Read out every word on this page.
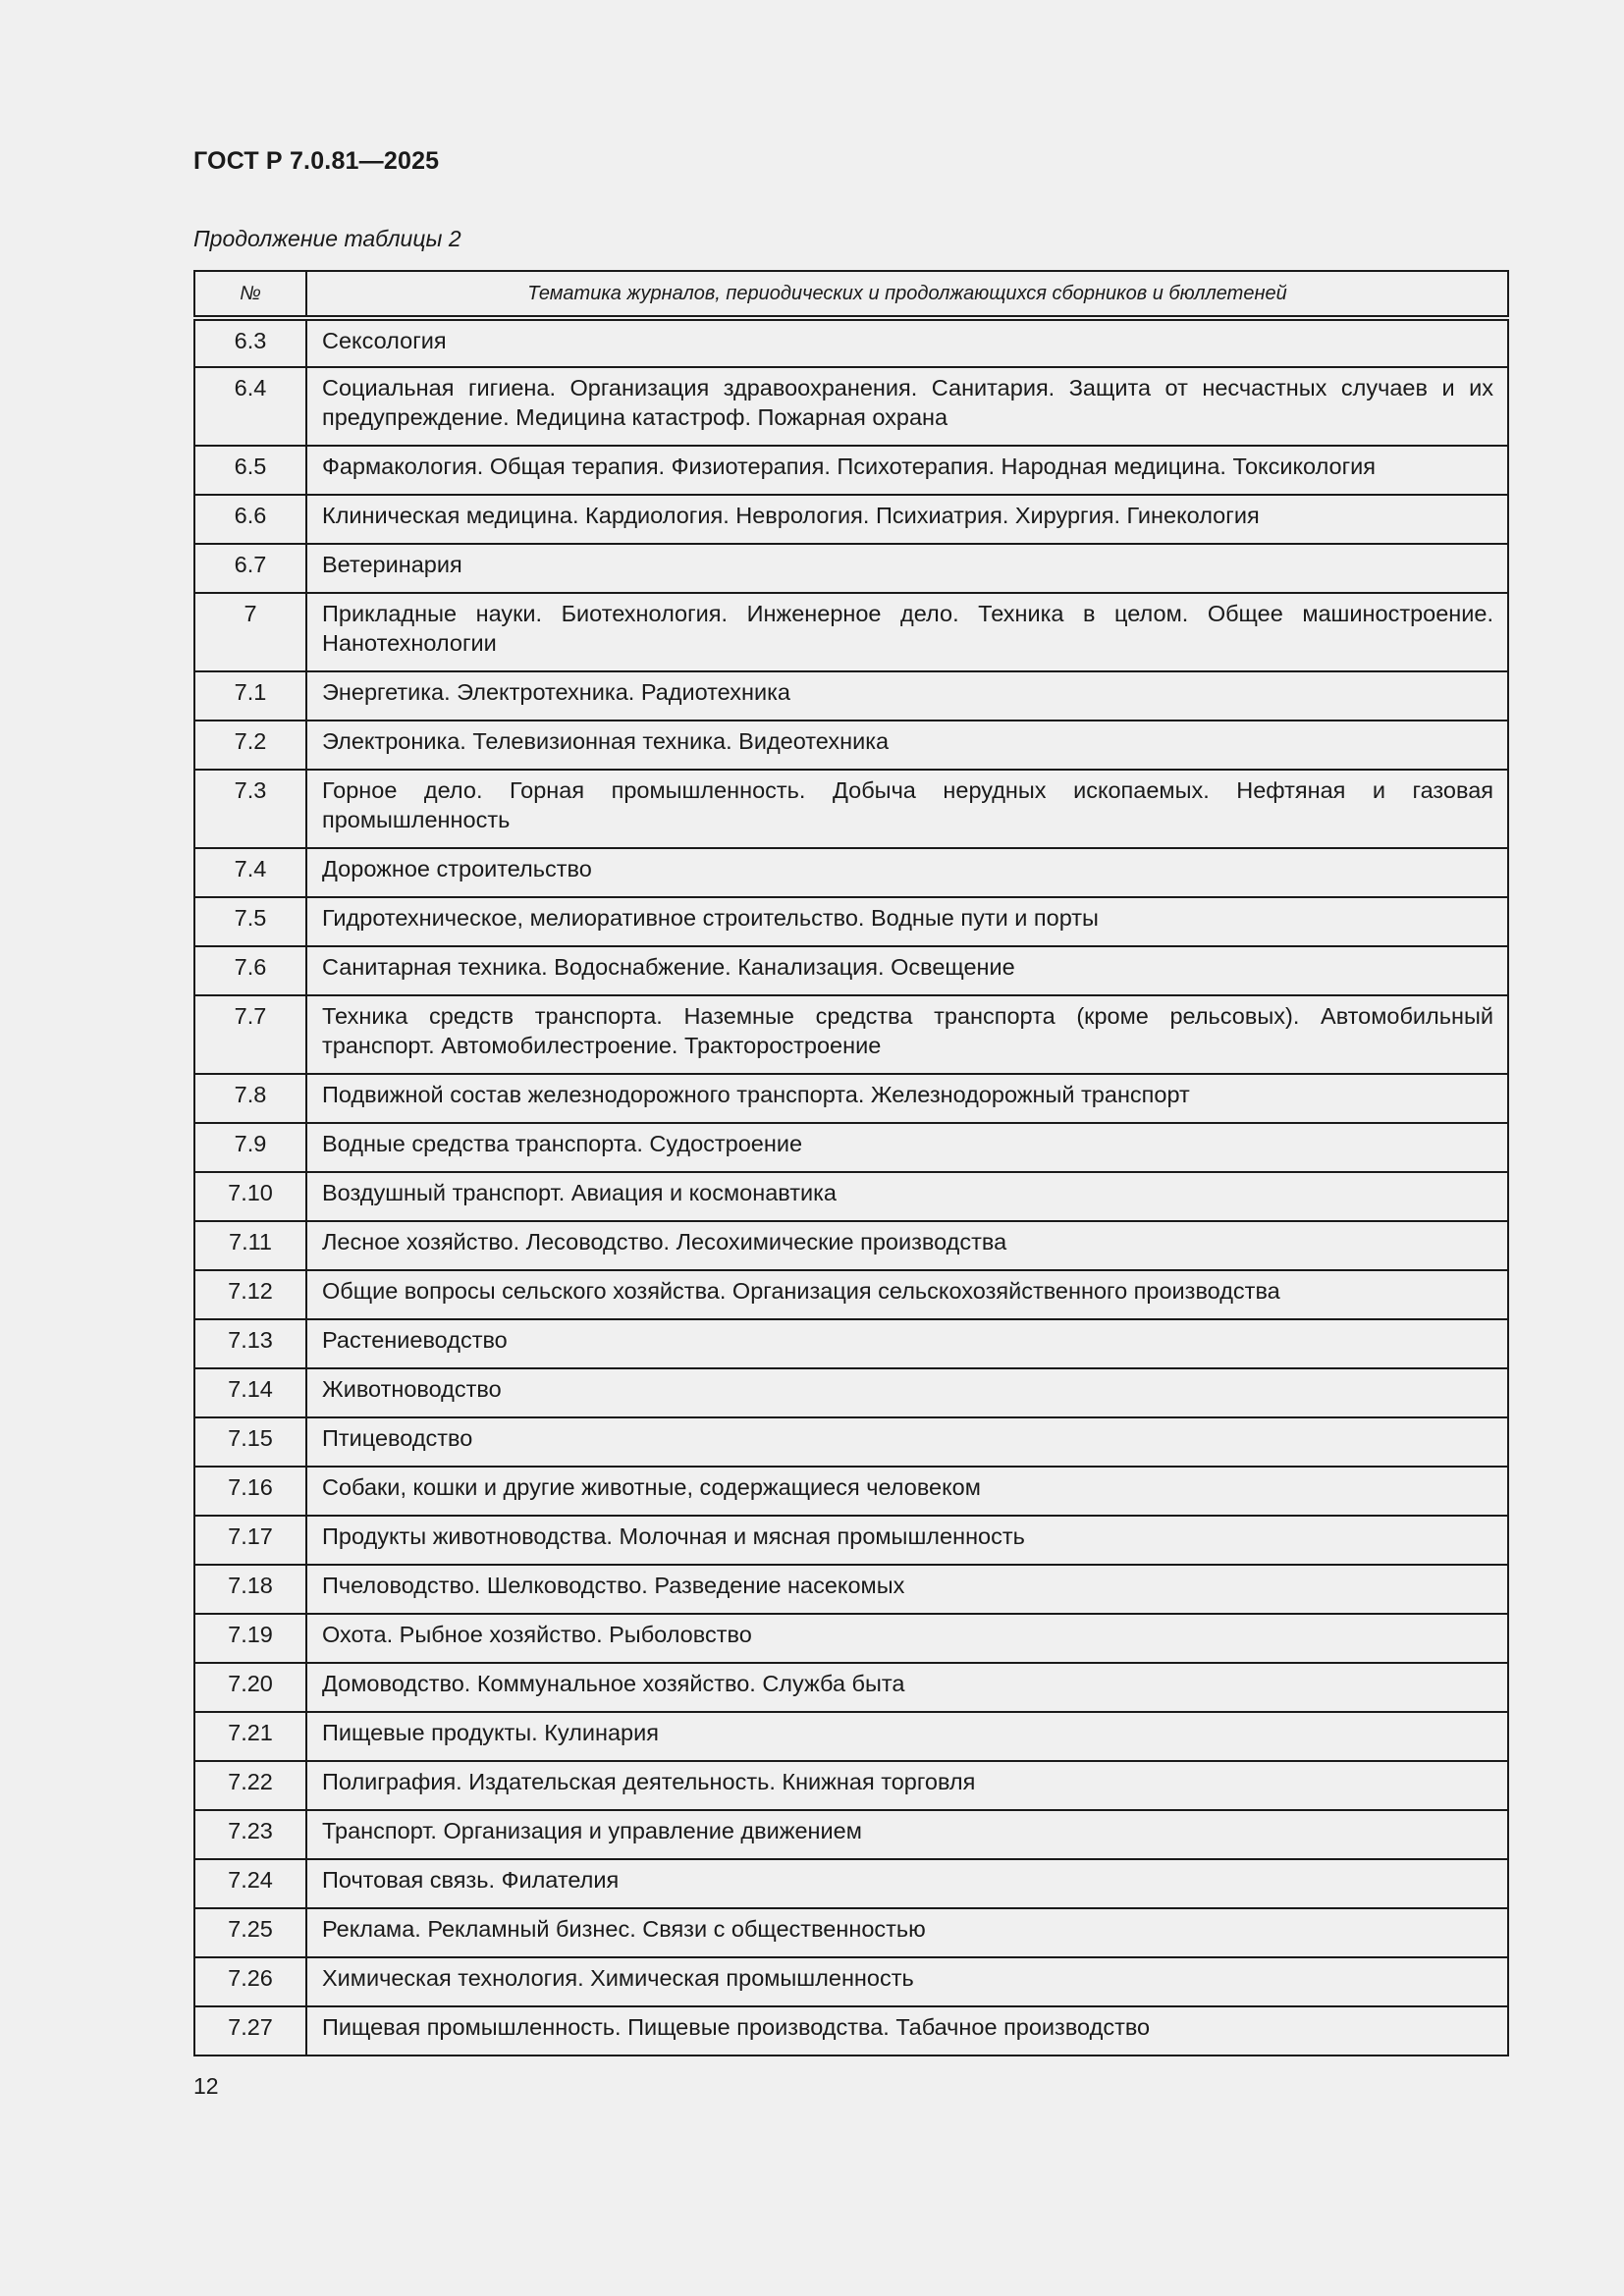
ГОСТ Р 7.0.81—2025

Продолжение таблицы 2

№	Тематика журналов, периодических и продолжающихся сборников и бюллетеней
6.3	Сексология
6.4	Социальная гигиена. Организация здравоохранения. Санитария. Защита от несчастных случаев и их предупреждение. Медицина катастроф. Пожарная охрана
6.5	Фармакология. Общая терапия. Физиотерапия. Психотерапия. Народная медицина. Токсикология
6.6	Клиническая медицина. Кардиология. Неврология. Психиатрия. Хирургия. Гинекология
6.7	Ветеринария
7	Прикладные науки. Биотехнология. Инженерное дело. Техника в целом. Общее машиностроение. Нанотехнологии
7.1	Энергетика. Электротехника. Радиотехника
7.2	Электроника. Телевизионная техника. Видеотехника
7.3	Горное дело. Горная промышленность. Добыча нерудных ископаемых. Нефтяная и газовая промышленность
7.4	Дорожное строительство
7.5	Гидротехническое, мелиоративное строительство. Водные пути и порты
7.6	Санитарная техника. Водоснабжение. Канализация. Освещение
7.7	Техника средств транспорта. Наземные средства транспорта (кроме рельсовых). Автомобильный транспорт. Автомобилестроение. Тракторостроение
7.8	Подвижной состав железнодорожного транспорта. Железнодорожный транспорт
7.9	Водные средства транспорта. Судостроение
7.10	Воздушный транспорт. Авиация и космонавтика
7.11	Лесное хозяйство. Лесоводство. Лесохимические производства
7.12	Общие вопросы сельского хозяйства. Организация сельскохозяйственного производства
7.13	Растениеводство
7.14	Животноводство
7.15	Птицеводство
7.16	Собаки, кошки и другие животные, содержащиеся человеком
7.17	Продукты животноводства. Молочная и мясная промышленность
7.18	Пчеловодство. Шелководство. Разведение насекомых
7.19	Охота. Рыбное хозяйство. Рыболовство
7.20	Домоводство. Коммунальное хозяйство. Служба быта
7.21	Пищевые продукты. Кулинария
7.22	Полиграфия. Издательская деятельность. Книжная торговля
7.23	Транспорт. Организация и управление движением
7.24	Почтовая связь. Филателия
7.25	Реклама. Рекламный бизнес. Связи с общественностью
7.26	Химическая технология. Химическая промышленность
7.27	Пищевая промышленность. Пищевые производства. Табачное производство

12
